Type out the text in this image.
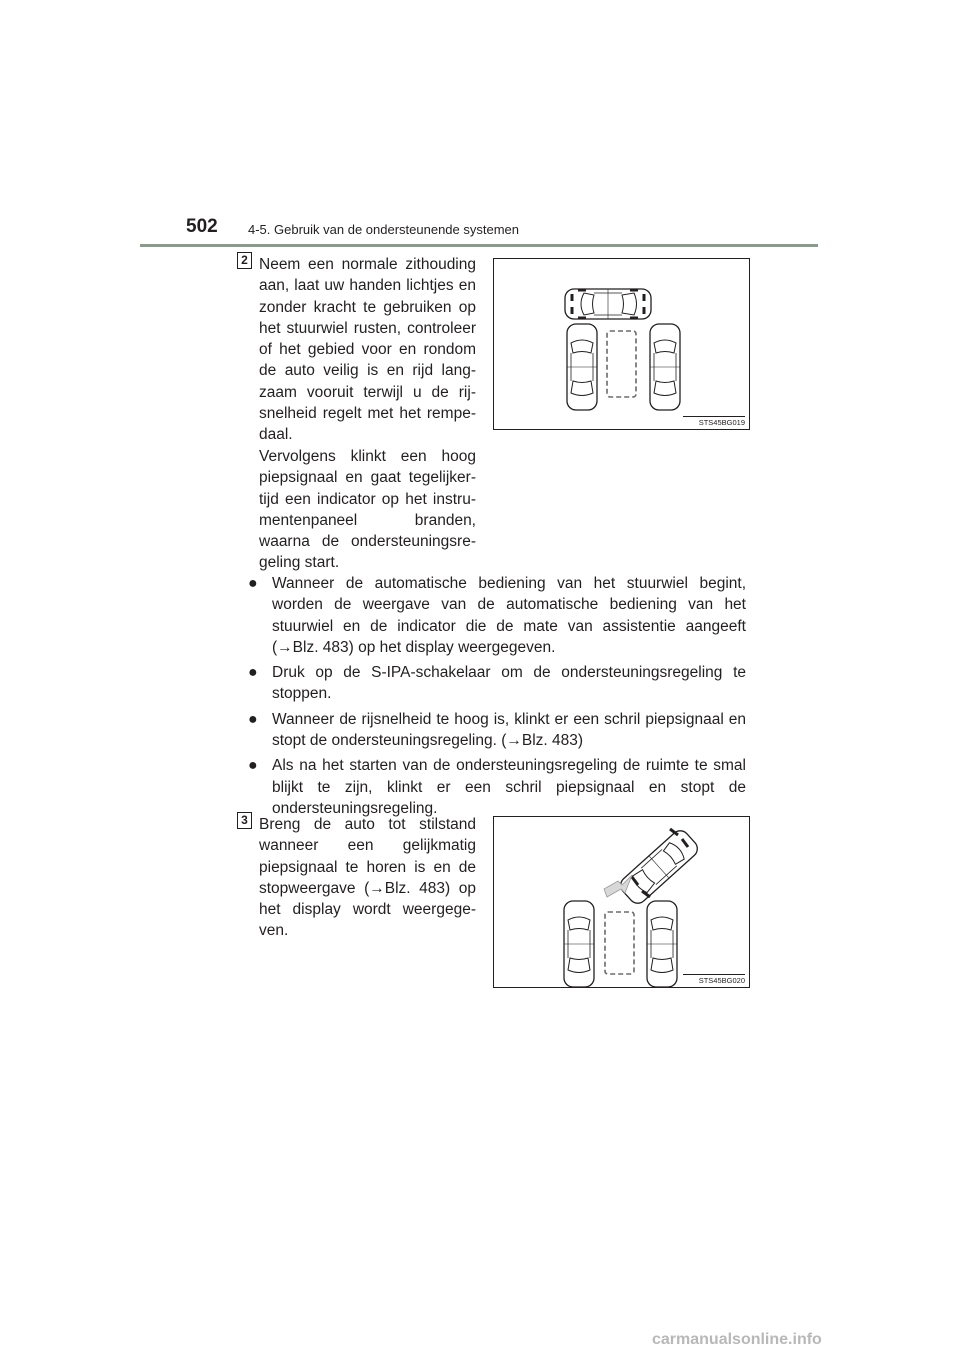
502 4-5. Gebruik van de ondersteunende systemen
2 Neem een normale zithouding aan, laat uw handen lichtjes en zonder kracht te gebruiken op het stuurwiel rusten, controleer of het gebied voor en rondom de auto veilig is en rijd langzaam vooruit terwijl u de rijsnelheid regelt met het rempedaal.

Vervolgens klinkt een hoog piepsignaal en gaat tegelijkertijd een indicator op het instrumentenpaneel branden, waarna de ondersteuningsregeling start.

STS45BG019
● Wanneer de automatische bediening van het stuurwiel begint, worden de weergave van de automatische bediening van het stuurwiel en de indicator die de mate van assistentie aangeeft (→Blz. 483) op het display weergegeven.
● Druk op de S-IPA-schakelaar om de ondersteuningsregeling te stoppen.
● Wanneer de rijsnelheid te hoog is, klinkt er een schril piepsignaal en stopt de ondersteuningsregeling. (→Blz. 483)
● Als na het starten van de ondersteuningsregeling de ruimte te smal blijkt te zijn, klinkt er een schril piepsignaal en stopt de ondersteuningsregeling.
3 Breng de auto tot stilstand wanneer een gelijkmatig piepsignaal te horen is en de stopweergave (→Blz. 483) op het display wordt weergegeven.

STS45BG020
carmanualsonline.info
